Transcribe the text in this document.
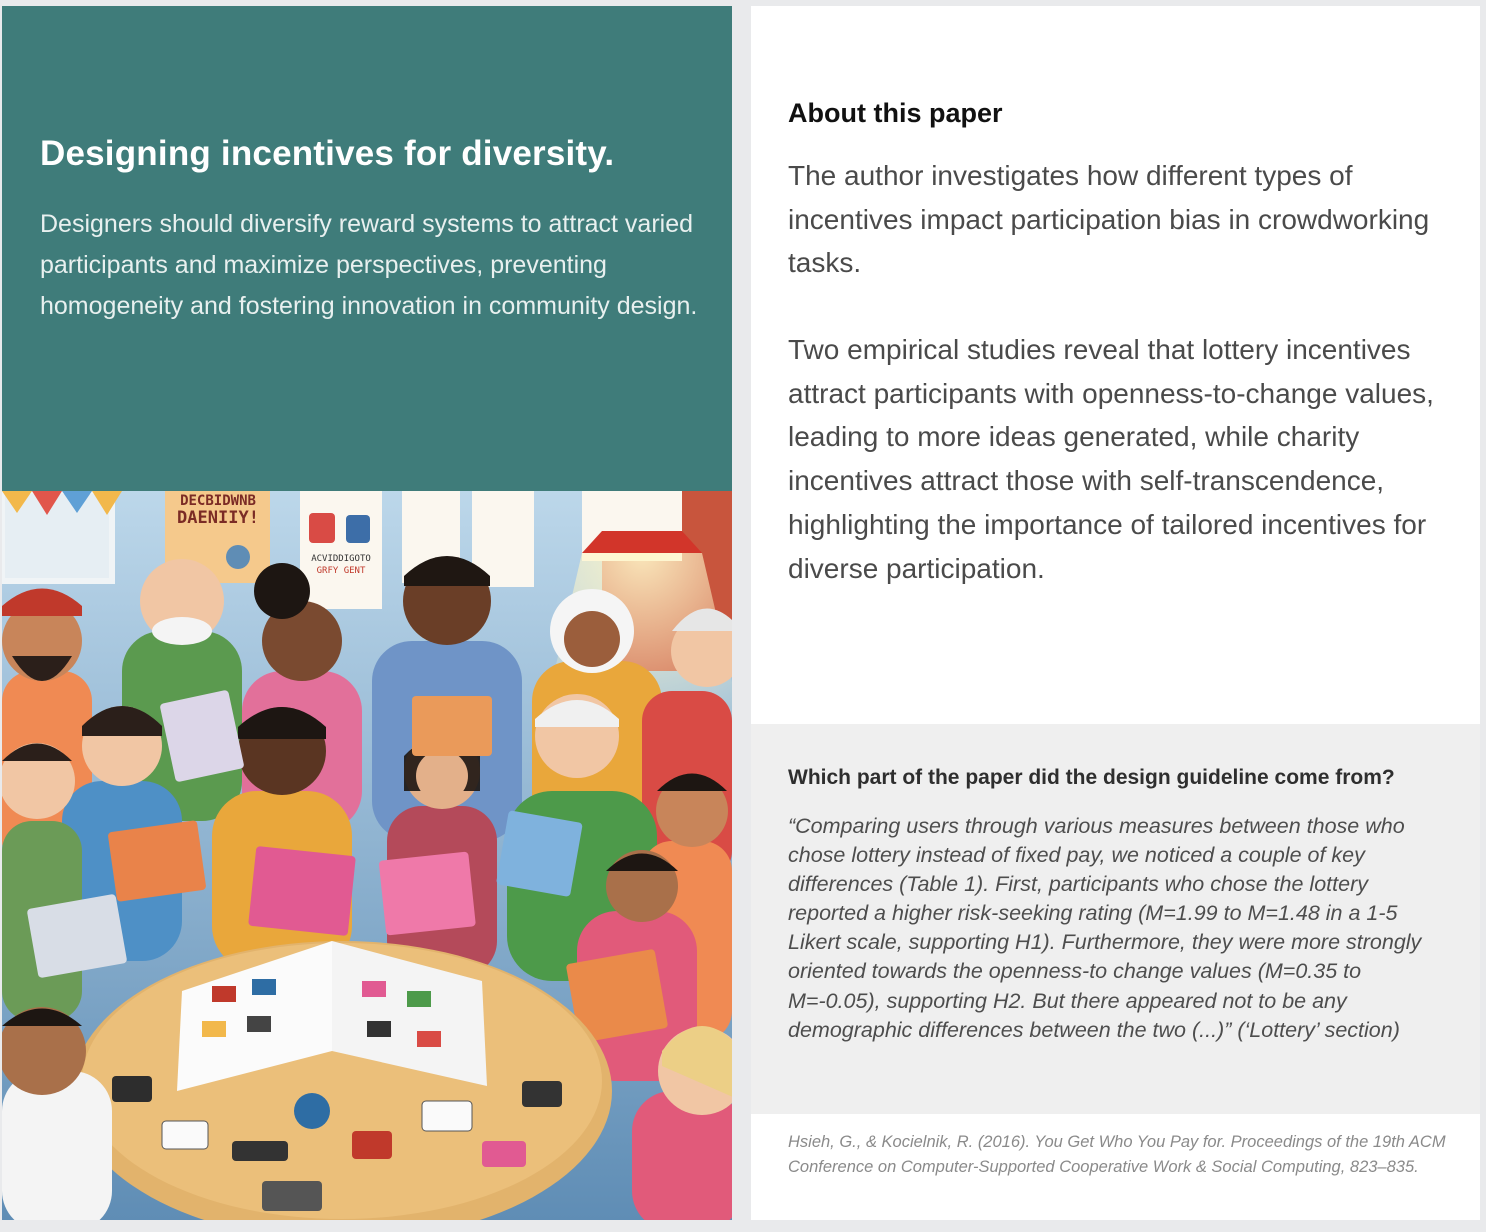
Designing incentives for diversity.

Designers should diversify reward systems to attract varied participants and maximize perspectives, preventing homogeneity and fostering innovation in community design.

DECBIDWNB
DAENIIY!
ACVIDDIGOTO
GRFY GENT
About this paper

The author investigates how different types of incentives impact participation bias in crowdworking tasks.

Two empirical studies reveal that lottery incentives attract participants with openness-to-change values, leading to more ideas generated, while charity incentives attract those with self-transcendence, highlighting the importance of tailored incentives for diverse participation.

Which part of the paper did the design guideline come from?

“Comparing users through various measures between those who chose lottery instead of fixed pay, we noticed a couple of key differences (Table 1). First, participants who chose the lottery reported a higher risk-seeking rating (M=1.99 to M=1.48 in a 1-5 Likert scale, supporting H1). Furthermore, they were more strongly oriented towards the openness-to change values (M=0.35 to M=-0.05), supporting H2. But there appeared not to be any demographic differences between the two (...)” (‘Lottery’ section)

Hsieh, G., & Kocielnik, R. (2016). You Get Who You Pay for. Proceedings of the 19th ACM Conference on Computer-Supported Cooperative Work & Social Computing, 823–835.
